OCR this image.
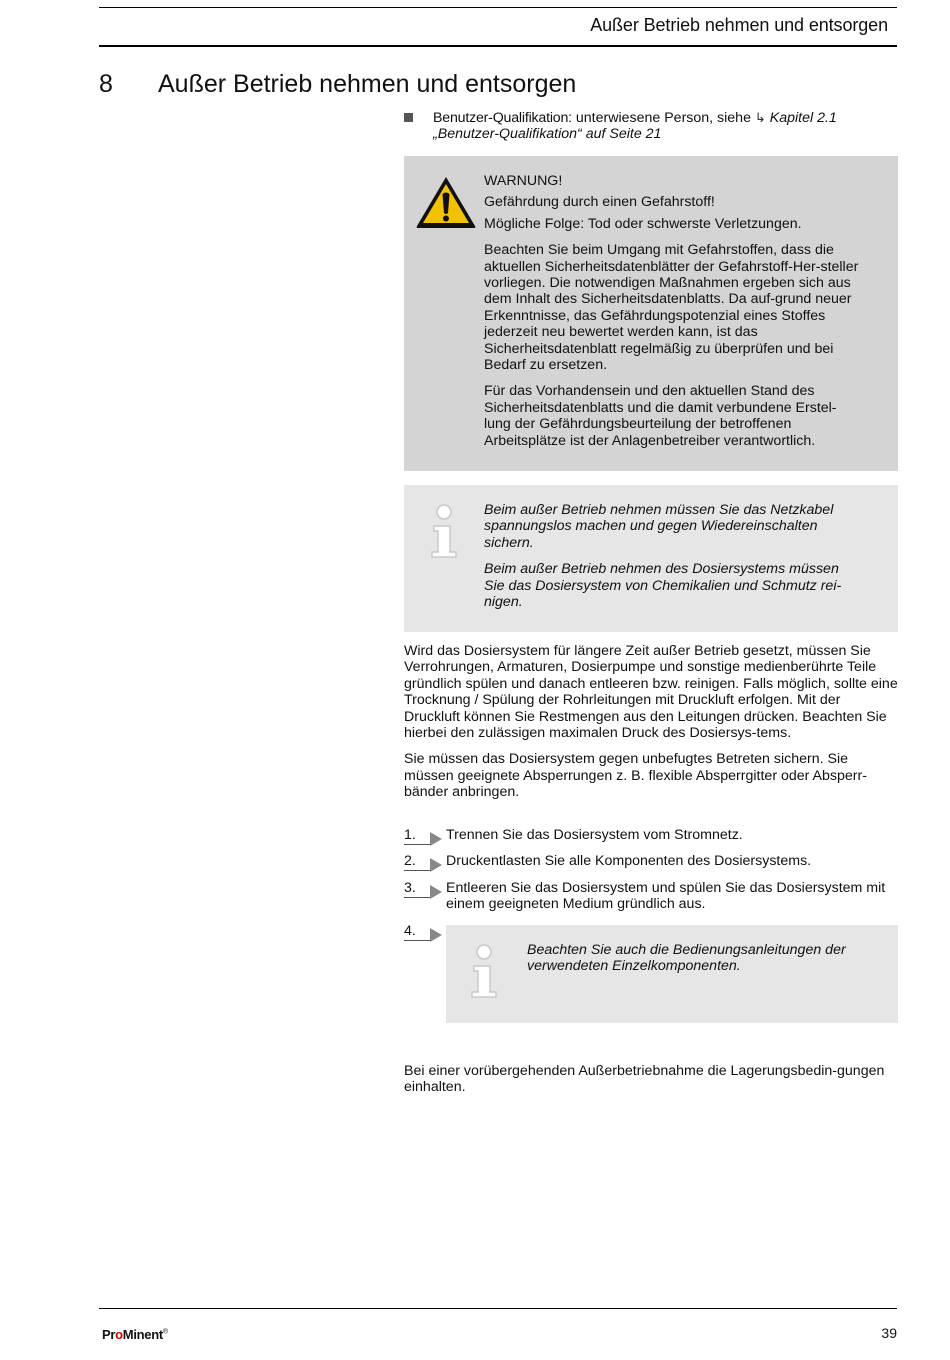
Außer Betrieb nehmen und entsorgen
8 Außer Betrieb nehmen und entsorgen
Benutzer-Qualifikation: unterwiesene Person, siehe ↳ Kapitel 2.1 „Benutzer-Qualifikation“ auf Seite 21

WARNUNG!

Gefährdung durch einen Gefahrstoff!

Mögliche Folge: Tod oder schwerste Verletzungen.

Beachten Sie beim Umgang mit Gefahrstoffen, dass die aktuellen Sicherheitsdatenblätter der Gefahrstoff-Her-steller vorliegen. Die notwendigen Maßnahmen ergeben sich aus dem Inhalt des Sicherheitsdatenblatts. Da auf-grund neuer Erkenntnisse, das Gefährdungspotenzial eines Stoffes jederzeit neu bewertet werden kann, ist das Sicherheitsdatenblatt regelmäßig zu überprüfen und bei Bedarf zu ersetzen.

Für das Vorhandensein und den aktuellen Stand des Sicherheitsdatenblatts und die damit verbundene Erstel-lung der Gefährdungsbeurteilung der betroffenen Arbeitsplätze ist der Anlagenbetreiber verantwortlich.

Beim außer Betrieb nehmen müssen Sie das Netzkabel spannungslos machen und gegen Wiedereinschalten sichern.

Beim außer Betrieb nehmen des Dosiersystems müssen Sie das Dosiersystem von Chemikalien und Schmutz rei-nigen.

Wird das Dosiersystem für längere Zeit außer Betrieb gesetzt, müssen Sie Verrohrungen, Armaturen, Dosierpumpe und sonstige medienberührte Teile gründlich spülen und danach entleeren bzw. reinigen. Falls möglich, sollte eine Trocknung / Spülung der Rohrleitungen mit Druckluft erfolgen. Mit der Druckluft können Sie Restmengen aus den Leitungen drücken. Beachten Sie hierbei den zulässigen maximalen Druck des Dosiersys-tems.

Sie müssen das Dosiersystem gegen unbefugtes Betreten sichern. Sie müssen geeignete Absperrungen z. B. flexible Absperrgitter oder Absperr-bänder anbringen.

1. Trennen Sie das Dosiersystem vom Stromnetz.
2. Druckentlasten Sie alle Komponenten des Dosiersystems.
3. Entleeren Sie das Dosiersystem und spülen Sie das Dosiersystem mit einem geeigneten Medium gründlich aus.
4.

Beachten Sie auch die Bedienungsanleitungen der verwendeten Einzelkomponenten.

Bei einer vorübergehenden Außerbetriebnahme die Lagerungsbedin-gungen einhalten.
ProMinent®	39
